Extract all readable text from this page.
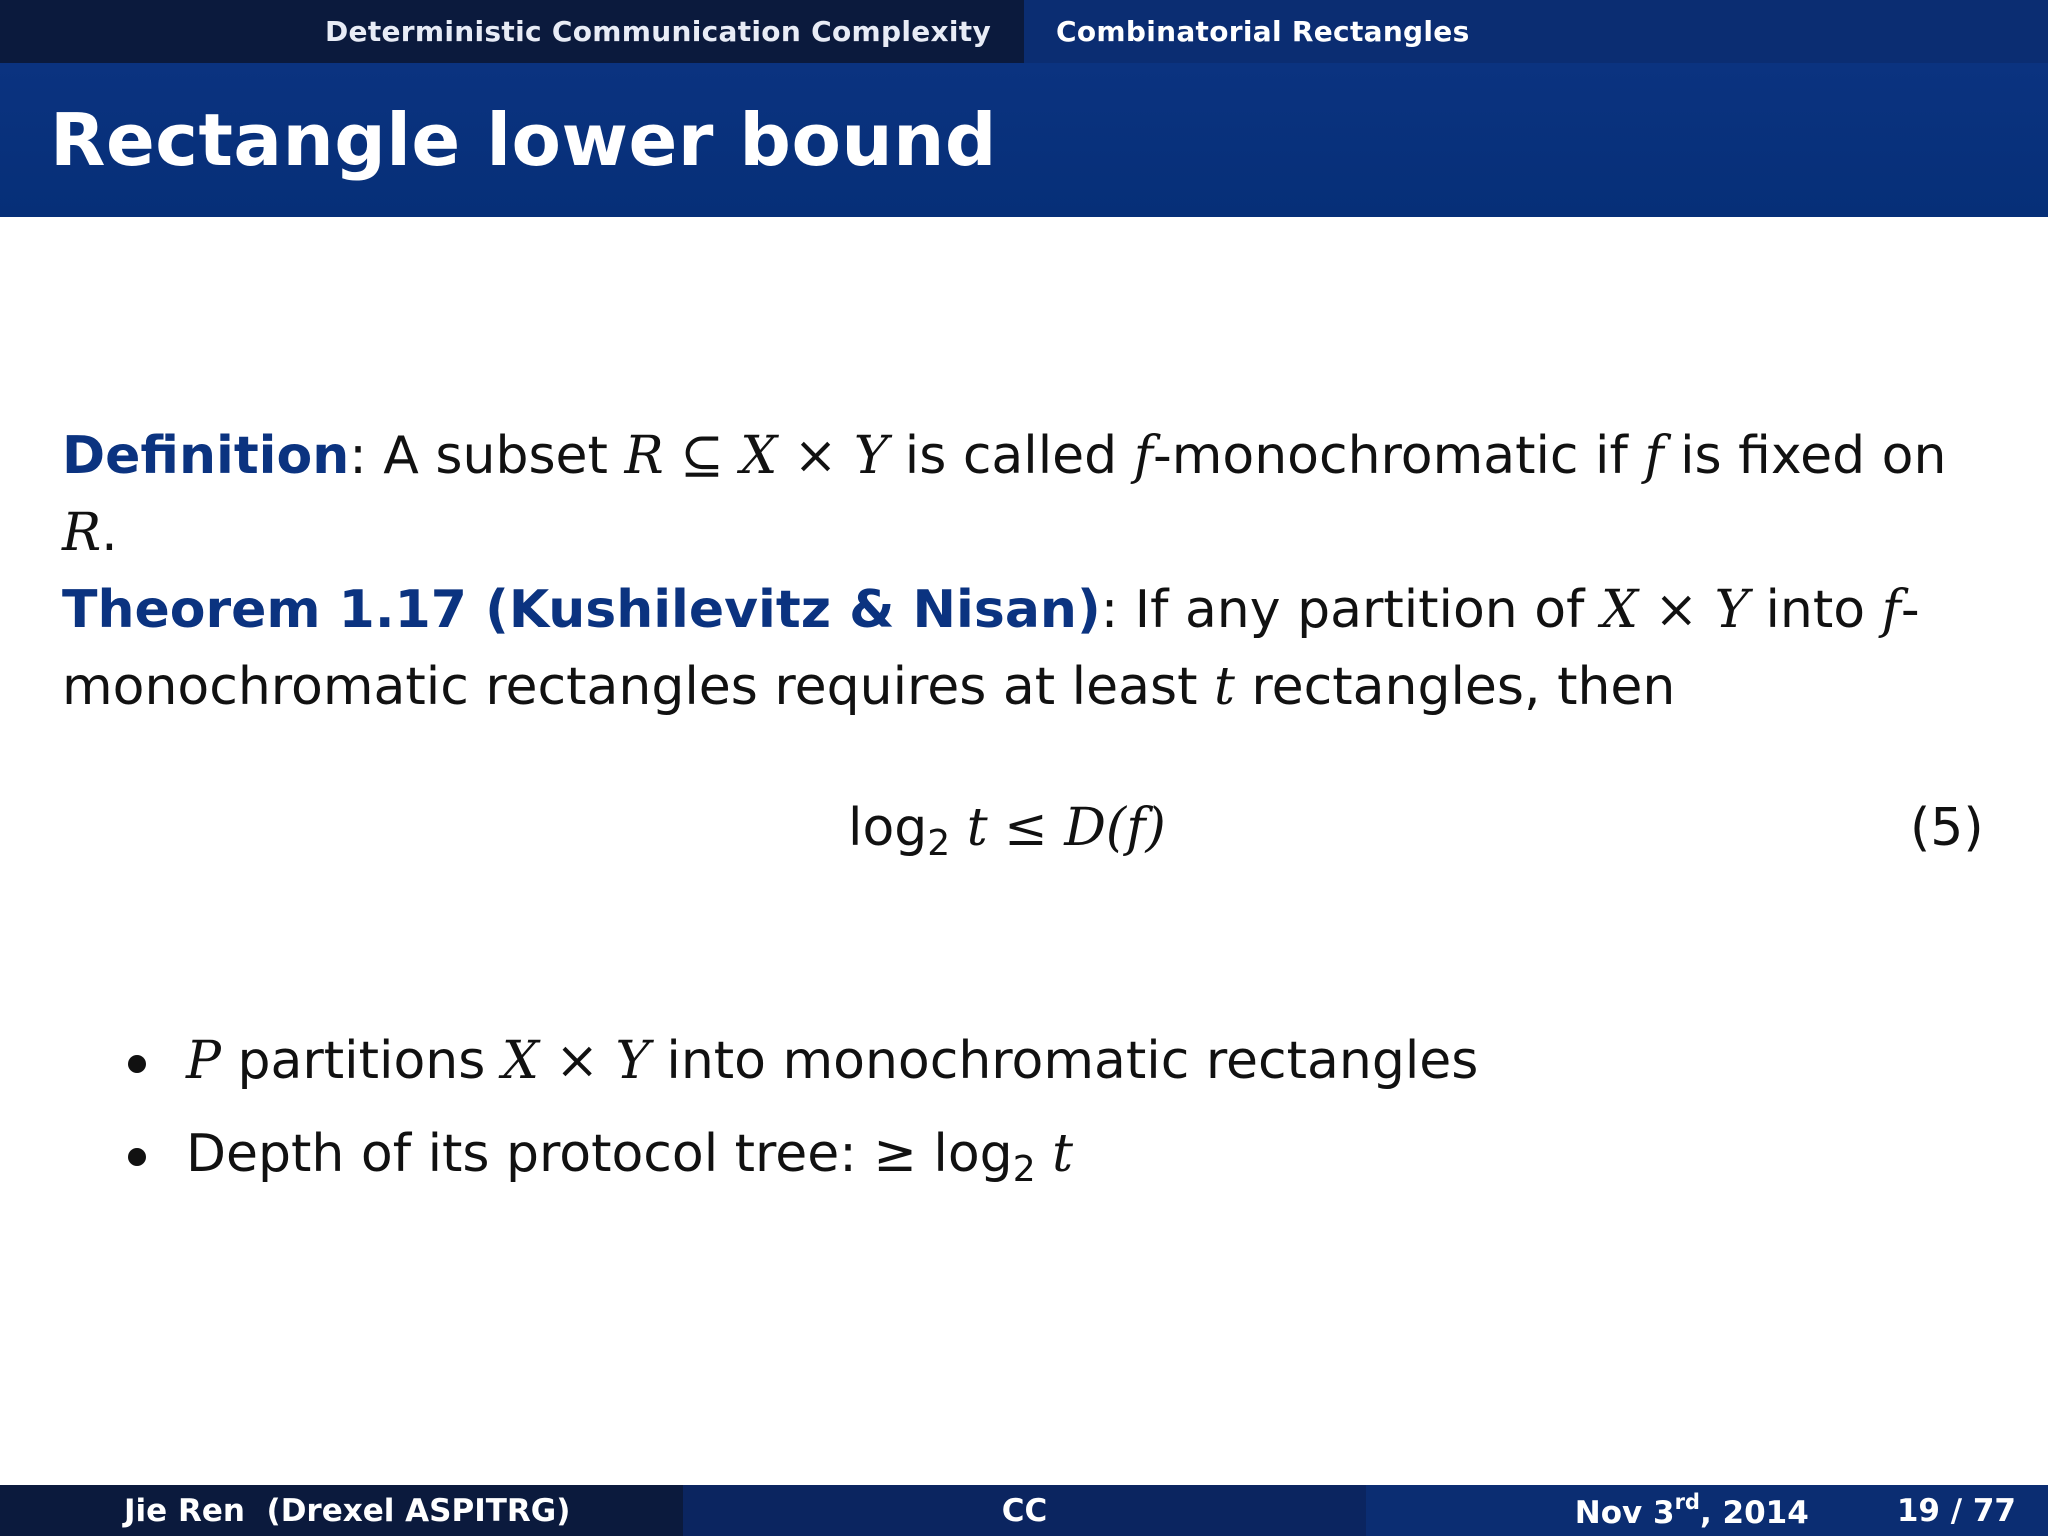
Deterministic Communication Complexity Combinatorial Rectangles
Rectangle lower bound

Definition: A subset R ⊆ X × Y is called f-monochromatic if f is fixed on R.

Theorem 1.17 (Kushilevitz & Nisan): If any partition of X × Y into f-monochromatic rectangles requires at least t rectangles, then

$\log_2 t \le D(f)$	(5)
P partitions X × Y into monochromatic rectangles
Depth of its protocol tree: ≥ $\log_2 t$
Jie Ren  (Drexel ASPITRG)	CC	Nov 3rd, 2014	19 / 77
